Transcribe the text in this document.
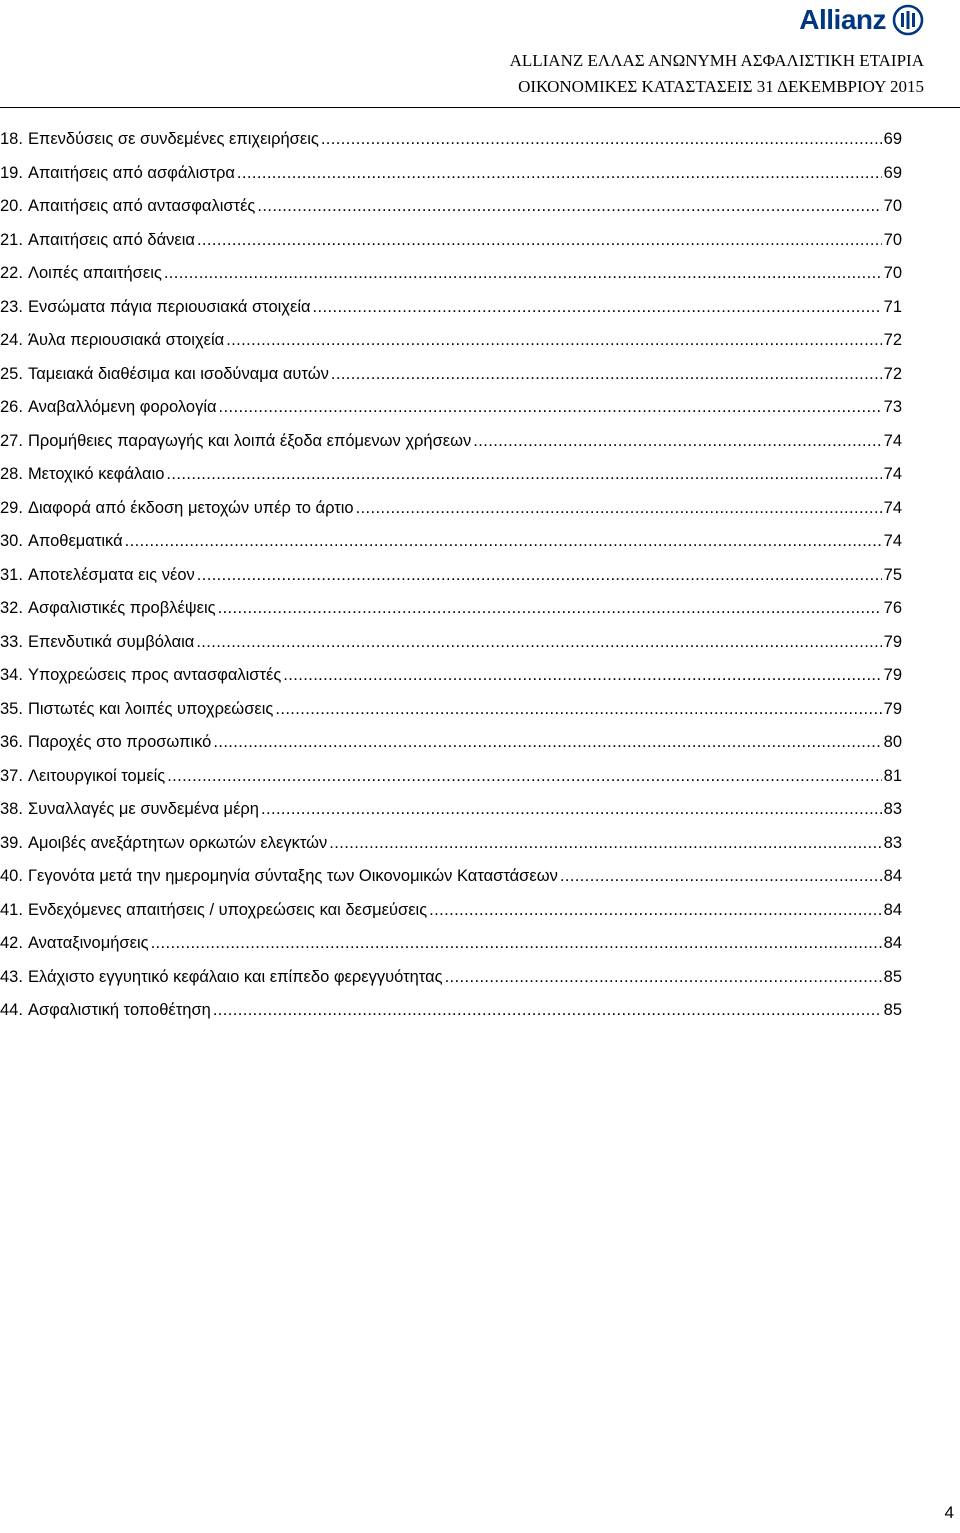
Allianz
ALLIANZ ΕΛΛΑΣ ΑΝΩΝΥΜΗ ΑΣΦΑΛΙΣΤΙΚΗ ΕΤΑΙΡΙΑ
ΟΙΚΟΝΟΜΙΚΕΣ ΚΑΤΑΣΤΑΣΕΙΣ 31 ΔΕΚΕΜΒΡΙΟΥ 2015
18. Επενδύσεις σε συνδεμένες επιχειρήσεις .....	69
19. Απαιτήσεις από ασφάλιστρα .....	69
20. Απαιτήσεις από αντασφαλιστές .....	70
21. Απαιτήσεις από δάνεια .....	70
22. Λοιπές απαιτήσεις .....	70
23. Ενσώματα πάγια περιουσιακά στοιχεία .....	71
24. Άυλα περιουσιακά στοιχεία .....	72
25. Ταμειακά διαθέσιμα και ισοδύναμα αυτών .....	72
26. Αναβαλλόμενη φορολογία .....	73
27. Προμήθειες παραγωγής και λοιπά έξοδα επόμενων χρήσεων .....	74
28. Μετοχικό κεφάλαιο .....	74
29. Διαφορά από έκδοση μετοχών υπέρ το άρτιο .....	74
30. Αποθεματικά .....	74
31. Αποτελέσματα εις νέον .....	75
32. Ασφαλιστικές προβλέψεις .....	76
33. Επενδυτικά συμβόλαια .....	79
34. Υποχρεώσεις προς αντασφαλιστές .....	79
35. Πιστωτές και λοιπές υποχρεώσεις .....	79
36. Παροχές στο προσωπικό .....	80
37. Λειτουργικοί τομείς .....	81
38. Συναλλαγές με συνδεμένα μέρη .....	83
39. Αμοιβές ανεξάρτητων ορκωτών ελεγκτών .....	83
40. Γεγονότα μετά την ημερομηνία σύνταξης των Οικονομικών Καταστάσεων .....	84
41. Ενδεχόμενες απαιτήσεις / υποχρεώσεις και δεσμεύσεις .....	84
42. Αναταξινομήσεις .....	84
43. Ελάχιστο εγγυητικό κεφάλαιο και επίπεδο φερεγγυότητας .....	85
44. Ασφαλιστική τοποθέτηση .....	85
4
